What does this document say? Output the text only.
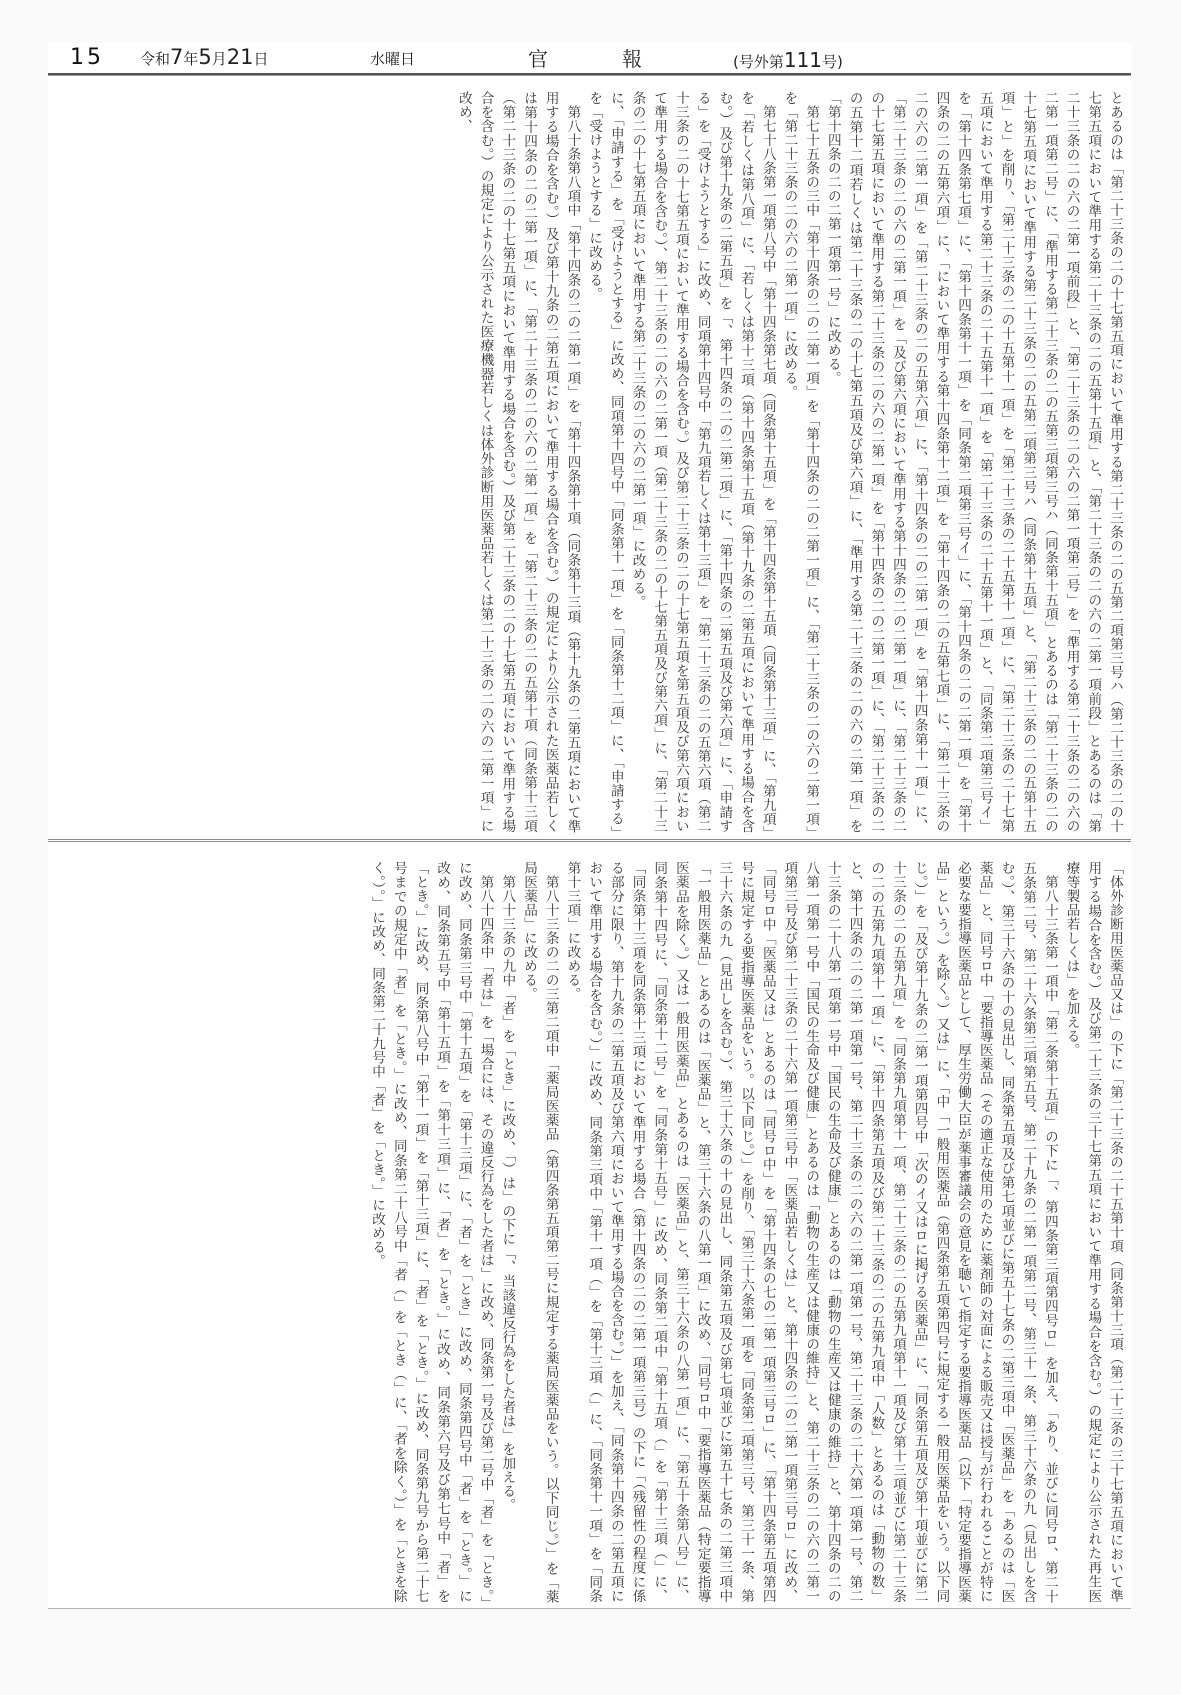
15 令和7年5月21日	水曜日	官	報	(号外第111号)

とあるのは「第二十三条の二の十七第五項において準用する第二十三条の二の五第二項第三号ハ（第二十三条の二の十七第五項において準用する第二十三条の二の五第十五項」と、「第二十三条の二の六の二第一項前段」とあるのは「第二十三条の二の六の二第一項前段」と、「第二十三条の二の六の二第一項第二号」を「準用する第二十三条の二の六の二第一項第二号」に、「準用する第二十三条の二の五第三項第三号ハ（同条第十五項」とあるのは「第二十三条の二の十七第五項において準用する第二十三条の二の五第二項第三号ハ（同条第十五項」と、「第二十三条の二の五第十五項」と」を削り、「第二十三条の二の十五第十一項」を「第二十三条の二十五第十一項」に、「第二十三条の二十七第五項において準用する第二十三条の二十五第十一項」を「第二十三条の二十五第十一項」と、「同条第二項第三号イ」を「第十四条第七項」に、「第十四条第十一項」を「同条第二項第三号イ」に、「第十四条の二の二第一項」を「第十四条の二の五第六項」に、「において準用する第十四条第十二項」を「第十四条の二の五第七項」に、「第二十三条の二の六の二第一項」を「第二十三条の二の五第六項」に、「第十四条の二の二第一項」を「第十四条第十一項」に、「第二十三条の二の六の二第一項」を「及び第六項において準用する第十四条の二の二第一項」に、「第二十三条の二の十七第五項において準用する第二十三条の二の六の二第一項」を「第十四条の二の二第一項」に、「第二十三条の二の五第十二項若しくは第二十三条の二の十七第五項及び第六項」に、「準用する第二十三条の二の六の二第一項」を「第十四条の二の二第一項第一号」に改める。

第七十五条の三中「第十四条の二の二第一項」を「第十四条の二の二第一項」に、「第二十三条の二の六の二第一項」を「第二十三条の二の六の二第一項」に改める。

第七十八条第一項第八号中「第十四条第七項（同条第十五項」を「第十四条第十五項（同条第十三項」に、「第九項」を「若しくは第八項」に、「若しくは第十三項（第十四条第十五項（第十九条の二第五項において準用する場合を含む。）及び第十九条の二第五項」を「、第十四条の二の二第二項」に、「第十四条の二第五項及び第六項」に、「申請する」を「受けようとする」に改め、同項第十四号中「第九項若しくは第十三項」を「第二十三条の二の五第六項（第二十三条の二の十七第五項において準用する場合を含む。）及び第二十三条の二の十七第五項を第五項及び第六項において準用する場合を含む。）、第二十三条の二の六の二第一項（第二十三条の二の十七第五項及び第六項」に、「第二十三条の二の十七第五項において準用する第二十三条の二の六の二第一項」に改める。

に、「申請する」を「受けようとする」に改め、同項第十四号中「同条第十一項」を「同条第十二項」に、「申請する」を「受けようとする」に改める。

第八十条第八項中「第十四条の二の二第一項」を「第十四条第十項（同条第十三項（第十九条の二第五項において準用する場合を含む。）及び第十九条の二第五項において準用する場合を含む。）の規定により公示された医薬品若しくは第十四条の二の二第一項」に、「第二十三条の二の六の二第一項」を「第二十三条の二の五第十項（同条第十三項（第二十三条の二の十七第五項において準用する場合を含む。）及び第二十三条の二の十七第五項において準用する場合を含む。）の規定により公示された医療機器若しくは体外診断用医薬品若しくは第二十三条の二の六の二第一項」に改め、

「体外診断用医薬品又は」の下に「第二十三条の二十五第十項（同条第十三項（第二十三条の三十七第五項において準用する場合を含む。）及び第二十三条の三十七第五項において準用する場合を含む。）の規定により公示された再生医療等製品若しくは」を加える。

第八十三条第一項中「第二条第十五項」の下に「、第四条第三項第四号ロ」を加え、「あり、並びに同号ロ、第二十五条第二号、第二十六条第三項第五号、第二十九条の二第一項第二号、第三十一条、第三十六条の九（見出しを含む。）、第三十六条の十の見出し、同条第五項及び第七項並びに第五十七条の二第三項中「医薬品」を「あるのは「医薬品」と、同号ロ中「要指導医薬品（その適正な使用のために薬剤師の対面による販売又は授与が行われることが特に必要な要指導医薬品として、厚生労働大臣が薬事審議会の意見を聴いて指定する要指導医薬品（以下「特定要指導医薬品」という。）を除く。）又は」に、「中「一般用医薬品（第四条第五項第四号に規定する一般用医薬品をいう。以下同じ。）」を「及び第十九条の二第一項第四号中「次のイ又はロに掲げる医薬品」に、「同条第五項及び第十項並びに第二十三条の二の五第九項」を「同条第九項第十一項、第二十三条の二の五第九項第十一項及び第十三項並びに第二十三条の二の五第九項第十一項」に、「第十四条第五項及び第二十三条の二の五第九項中「人数」とあるのは「動物の数」と、第十四条の二の二第一項第一号、第二十三条の二の六の二第一項第一号、第二十三条の二十六第一項第一号、第二十三条の二十八第一項第一号中「国民の生命及び健康」とあるのは「動物の生産又は健康の維持」と、第十四条の二の八第一項第一号中「国民の生命及び健康」とあるのは「動物の生産又は健康の維持」と、第二十三条の二の六の二第一項第三号及び第二十三条の二十六第一項第三号中「医薬品若しくは」と、第十四条の二の二第一項第三号ロ」に改め、「同号ロ中「医薬品又は」とあるのは「同号ロ中」を「第十四条の七の二第一項第三号ロ」に、「第十四条第五項第四号に規定する要指導医薬品をいう。以下同じ。）」を削り、「第三十六条第一項を「同条第二項第三号、第三十一条、第三十六条の九（見出しを含む。）、第三十六条の十の見出し、同条第五項及び第七項並びに第五十七条の二第三項中「一般用医薬品」とあるのは「医薬品」と、第三十六条の八第一項」に改め、「同号ロ中「要指導医薬品（特定要指導医薬品を除く。）又は一般用医薬品」とあるのは「医薬品」と、第三十六条の八第一項」に、「第五十条第八号」に、同条第十四号に、「同条第十二号」を「同条第十五号」に改め、同条第二項中「第十五項（」を「第十三項（」に、「同条第十三項を同条第十三項において準用する場合（第十四条の二の二第一項第三号）の下に「（残留性の程度に係る部分に限り、第十九条の二第五項及び第六項において準用する場合を含む。）」を加え、「同条第十四条の二第五項において準用する場合を含む。）」に改め、同条第三項中「第十一項（」を「第十三項（」に、「同条第十一項」を「同条第十三項」に改める。

第八十三条の二の三第二項中「薬局医薬品（第四条第五項第二号に規定する薬局医薬品をいう。以下同じ。）」を「薬局医薬品」に改める。

第八十三条の九中「者」を「とき」に改め、「）は」の下に「、当該違反行為をした者は」を加える。

第八十四条中「者は」を「場合には、その違反行為をした者は」に改め、同条第一号及び第二号中「者」を「とき。」に改め、同条第三号中「第十五項」を「第十三項」に、「者」を「とき」に改め、同条第四号中「者」を「とき。」に改め、同条第五号中「第十五項」を「第十三項」に、「者」を「とき。」に改め、同条第六号及び第七号中「者」を「とき。」に改め、同条第八号中「第十一項」を「第十三項」に、「者」を「とき。」に改め、同条第九号から第二十七号までの規定中「者」を「とき。」に改め、同条第二十八号中「者（」を「とき（」に、「者を除く。）」を「ときを除く。）。」に改め、同条第二十九号中「者」を「とき。」に改める。
